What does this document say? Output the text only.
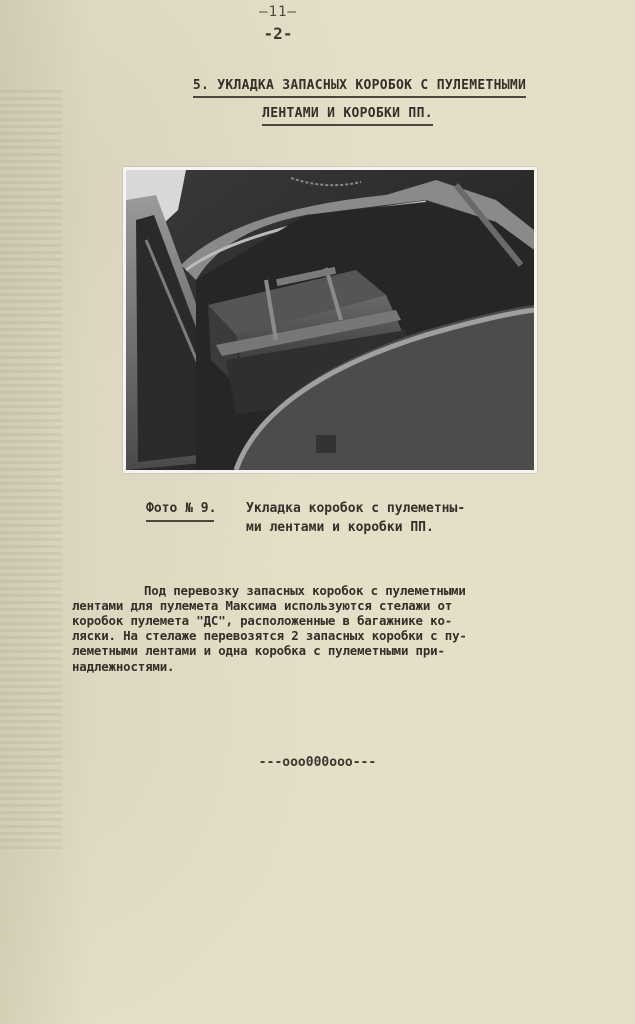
—11—
-2-
5. УКЛАДКА ЗАПАСНЫХ КОРОБОК С ПУЛЕМЕТНЫМИ
ЛЕНТАМИ И КОРОБКИ ПП.
Фото № 9. Укладка коробок с пулеметны-
ми лентами и коробки ПП.
Под перевозку запасных коробок с пулеметными
лентами для пулемета Максима используются стелажи от
коробок пулемета "ДС", расположенные в багажнике ко-
ляски. На стелаже перевозятся 2 запасных коробки с пу-
леметными лентами и одна коробка с пулеметными при-
надлежностями.
---ооо000ооо---
